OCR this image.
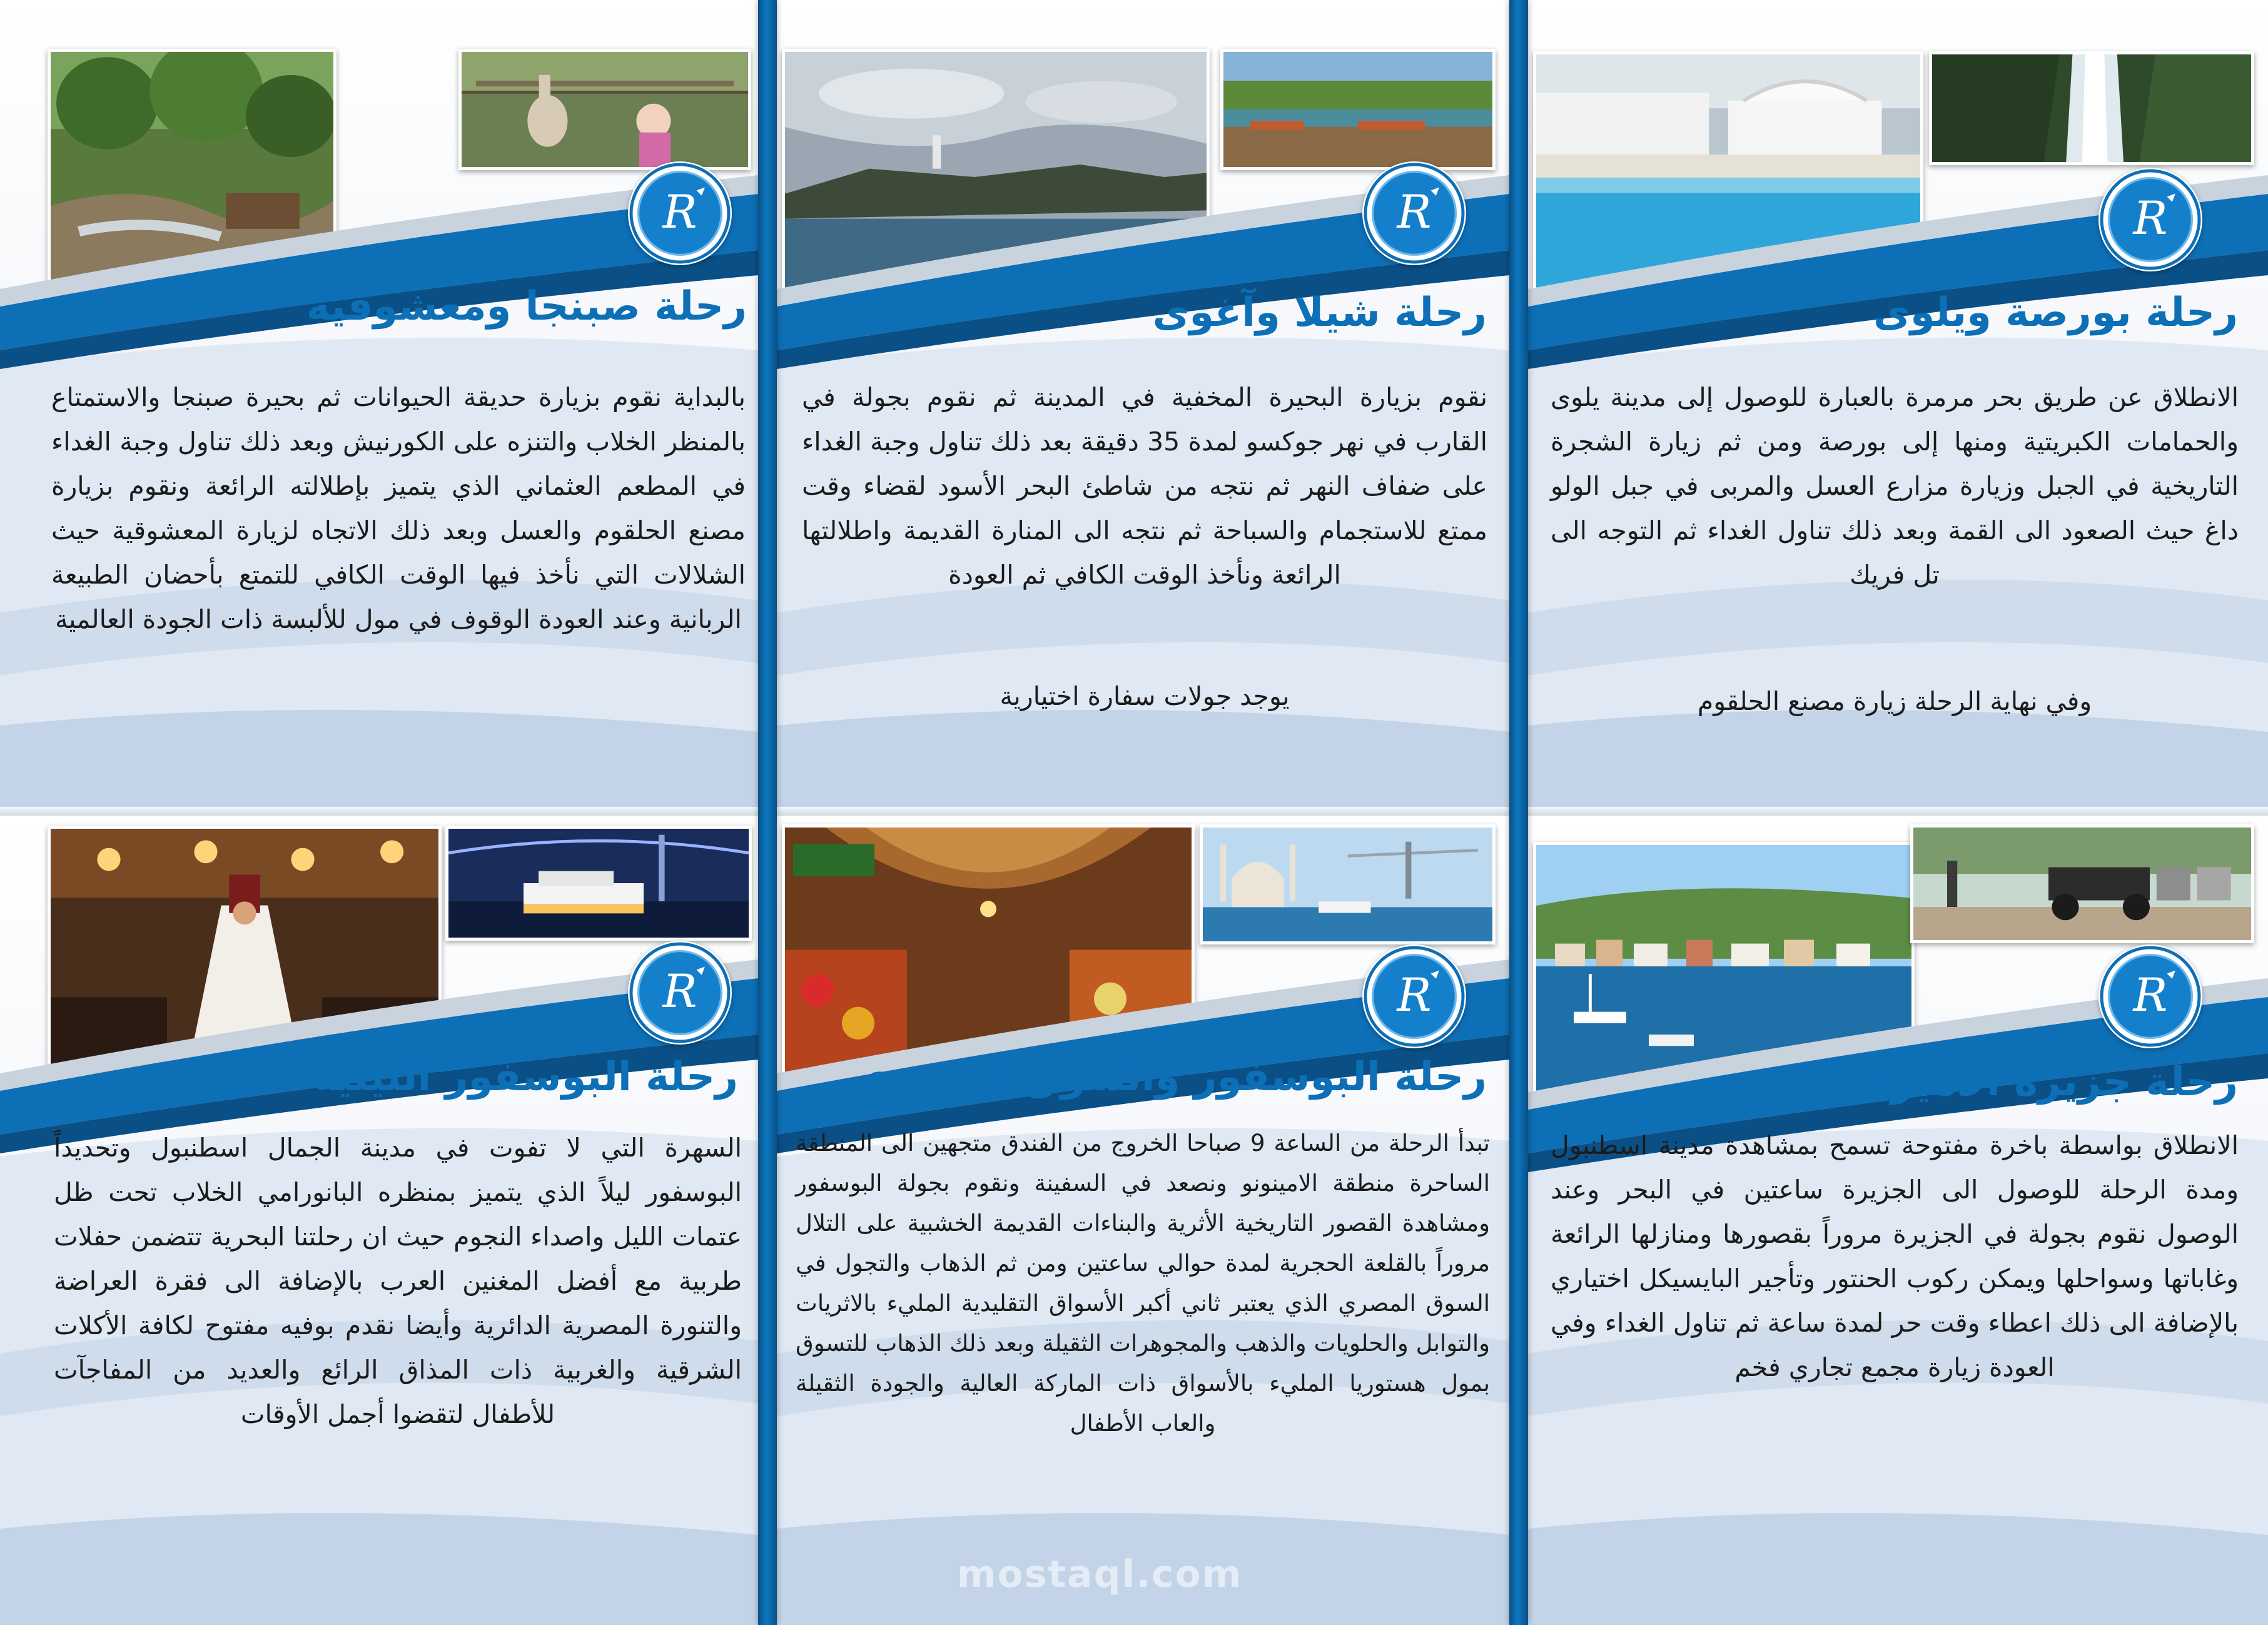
R
رحلة صبنجا ومعشوقية

بالبداية نقوم بزيارة حديقة الحيوانات ثم بحيرة صبنجا والاستمتاع بالمنظر الخلاب والتنزه على الكورنيش وبعد ذلك تناول وجبة الغداء في المطعم العثماني الذي يتميز بإطلالته الرائعة ونقوم بزيارة مصنع الحلقوم والعسل وبعد ذلك الاتجاه لزيارة المعشوقية حيث الشلالات التي نأخذ فيها الوقت الكافي للتمتع بأحضان الطبيعة الربانية وعند العودة الوقوف في مول للألبسة ذات الجودة العالمية

R
رحلة شيلا وآغوى

نقوم بزيارة البحيرة المخفية في المدينة ثم نقوم بجولة في القارب في نهر جوكسو لمدة 35 دقيقة بعد ذلك تناول وجبة الغداء على ضفاف النهر ثم نتجه من شاطئ البحر الأسود لقضاء وقت ممتع للاستجمام والسباحة ثم نتجه الى المنارة القديمة واطلالتها الرائعة ونأخذ الوقت الكافي ثم العودة

يوجد جولات سفارة اختيارية

R
رحلة بورصة ويلوى

الانطلاق عن طريق بحر مرمرة بالعبارة للوصول إلى مدينة يلوى والحمامات الكبريتية ومنها إلى بورصة ومن ثم زيارة الشجرة التاريخية في الجبل وزيارة مزارع العسل والمربى في جبل الولو داغ حيث الصعود الى القمة وبعد ذلك تناول الغداء ثم التوجه الى تل فريك

وفي نهاية الرحلة زيارة مصنع الحلقوم

R
رحلة البوسفور الليلية

السهرة التي لا تفوت في مدينة الجمال اسطنبول وتحديداً البوسفور ليلاً الذي يتميز بمنظره البانورامي الخلاب تحت ظل عتمات الليل واصداء النجوم حيث ان رحلتنا البحرية تتضمن حفلات طربية مع أفضل المغنين العرب بالإضافة الى فقرة العراضة والتنورة المصرية الدائرية وأيضا نقدم بوفيه مفتوح لكافة الأكلات الشرقية والغربية ذات المذاق الرائع والعديد من المفاجآت للأطفال لتقضوا أجمل الأوقات

R
رحلة البوسفور والسوق المصري

تبدأ الرحلة من الساعة 9 صباحا الخروج من الفندق متجهين الى المنطقة الساحرة منطقة الامينونو ونصعد في السفينة ونقوم بجولة البوسفور ومشاهدة القصور التاريخية الأثرية والبناءات القديمة الخشبية على التلال مروراً بالقلعة الحجرية لمدة حوالي ساعتين ومن ثم الذهاب والتجول في السوق المصري الذي يعتبر ثاني أكبر الأسواق التقليدية المليء بالاثريات والتوابل والحلويات والذهب والمجوهرات الثقيلة وبعد ذلك الذهاب للتسوق بمول هستوريا المليء بالأسواق ذات الماركة العالية والجودة الثقيلة والعاب الأطفال

R
رحلة جزيرة الأميرات

الانطلاق بواسطة باخرة مفتوحة تسمح بمشاهدة مدينة اسطنبول ومدة الرحلة للوصول الى الجزيرة ساعتين في البحر وعند الوصول نقوم بجولة في الجزيرة مروراً بقصورها ومنازلها الرائعة وغاباتها وسواحلها ويمكن ركوب الحنتور وتأجير البايسيكل اختياري بالإضافة الى ذلك اعطاء وقت حر لمدة ساعة ثم تناول الغداء وفي العودة زيارة مجمع تجاري فخم

mostaql.com
